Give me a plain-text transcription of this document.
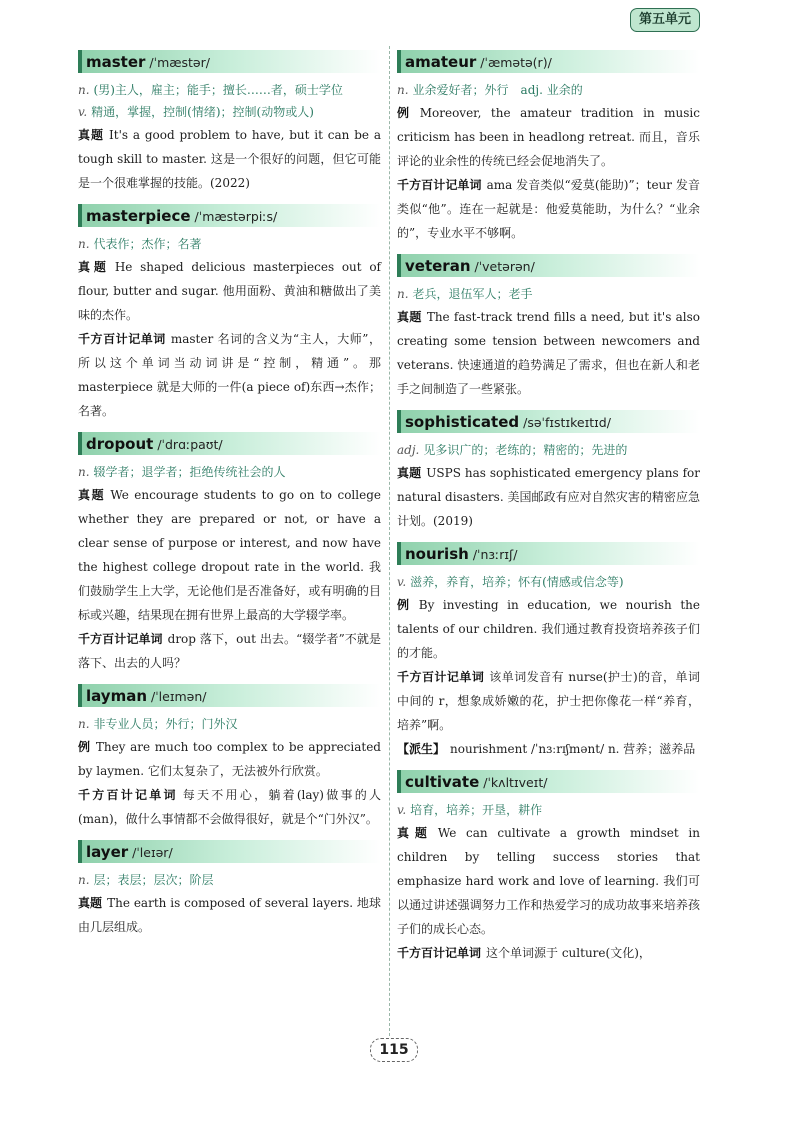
第五单元
master /ˈmæstər/

n. (男)主人，雇主；能手；擅长……者，硕士学位

v. 精通，掌握，控制(情绪)；控制(动物或人)

真题 It's a good problem to have, but it can be a tough skill to master. 这是一个很好的问题，但它可能是一个很难掌握的技能。(2022)

masterpiece /ˈmæstərpiːs/

n. 代表作；杰作；名著

真题 He shaped delicious masterpieces out of flour, butter and sugar. 他用面粉、黄油和糖做出了美味的杰作。

千方百计记单词 master 名词的含义为“主人，大师”，所以这个单词当动词讲是“控制，精通”。那 masterpiece 就是大师的一件(a piece of)东西→杰作；名著。

dropout /ˈdrɑːpaʊt/

n. 辍学者；退学者；拒绝传统社会的人

真题 We encourage students to go on to college whether they are prepared or not, or have a clear sense of purpose or interest, and now have the highest college dropout rate in the world. 我们鼓励学生上大学，无论他们是否准备好，或有明确的目标或兴趣，结果现在拥有世界上最高的大学辍学率。

千方百计记单词 drop 落下，out 出去。“辍学者”不就是落下、出去的人吗？

layman /ˈleɪmən/

n. 非专业人员；外行；门外汉

例 They are much too complex to be appreciated by laymen. 它们太复杂了，无法被外行欣赏。

千方百计记单词 每天不用心，躺着(lay)做事的人(man)，做什么事情都不会做得很好，就是个“门外汉”。

layer /ˈleɪər/

n. 层；表层；层次；阶层

真题 The earth is composed of several layers. 地球由几层组成。

amateur /ˈæmətə(r)/

n. 业余爱好者；外行　adj. 业余的

例 Moreover, the amateur tradition in music criticism has been in headlong retreat. 而且，音乐评论的业余性的传统已经会促地消失了。

千方百计记单词 ama 发音类似“爱莫(能助)”；teur 发音类似“他”。连在一起就是：他爱莫能助，为什么？“业余的”，专业水平不够啊。

veteran /ˈvetərən/

n. 老兵，退伍军人；老手

真题 The fast-track trend fills a need, but it's also creating some tension between newcomers and veterans. 快速通道的趋势满足了需求，但也在新人和老手之间制造了一些紧张。

sophisticated /səˈfɪstɪkeɪtɪd/

adj. 见多识广的；老练的；精密的；先进的

真题 USPS has sophisticated emergency plans for natural disasters. 美国邮政有应对自然灾害的精密应急计划。(2019)

nourish /ˈnɜːrɪʃ/

v. 滋养，养育，培养；怀有(情感或信念等)

例 By investing in education, we nourish the talents of our children. 我们通过教育投资培养孩子们的才能。

千方百计记单词 该单词发音有 nurse(护士)的音，单词中间的 r，想象成娇嫩的花，护士把你像花一样“养育，培养”啊。

【派生】 nourishment /ˈnɜːrɪʃmənt/ n. 营养；滋养品

cultivate /ˈkʌltɪveɪt/

v. 培育，培养；开垦，耕作

真题 We can cultivate a growth mindset in children by telling success stories that emphasize hard work and love of learning. 我们可以通过讲述强调努力工作和热爱学习的成功故事来培养孩子们的成长心态。

千方百计记单词 这个单词源于 culture(文化)，

115
